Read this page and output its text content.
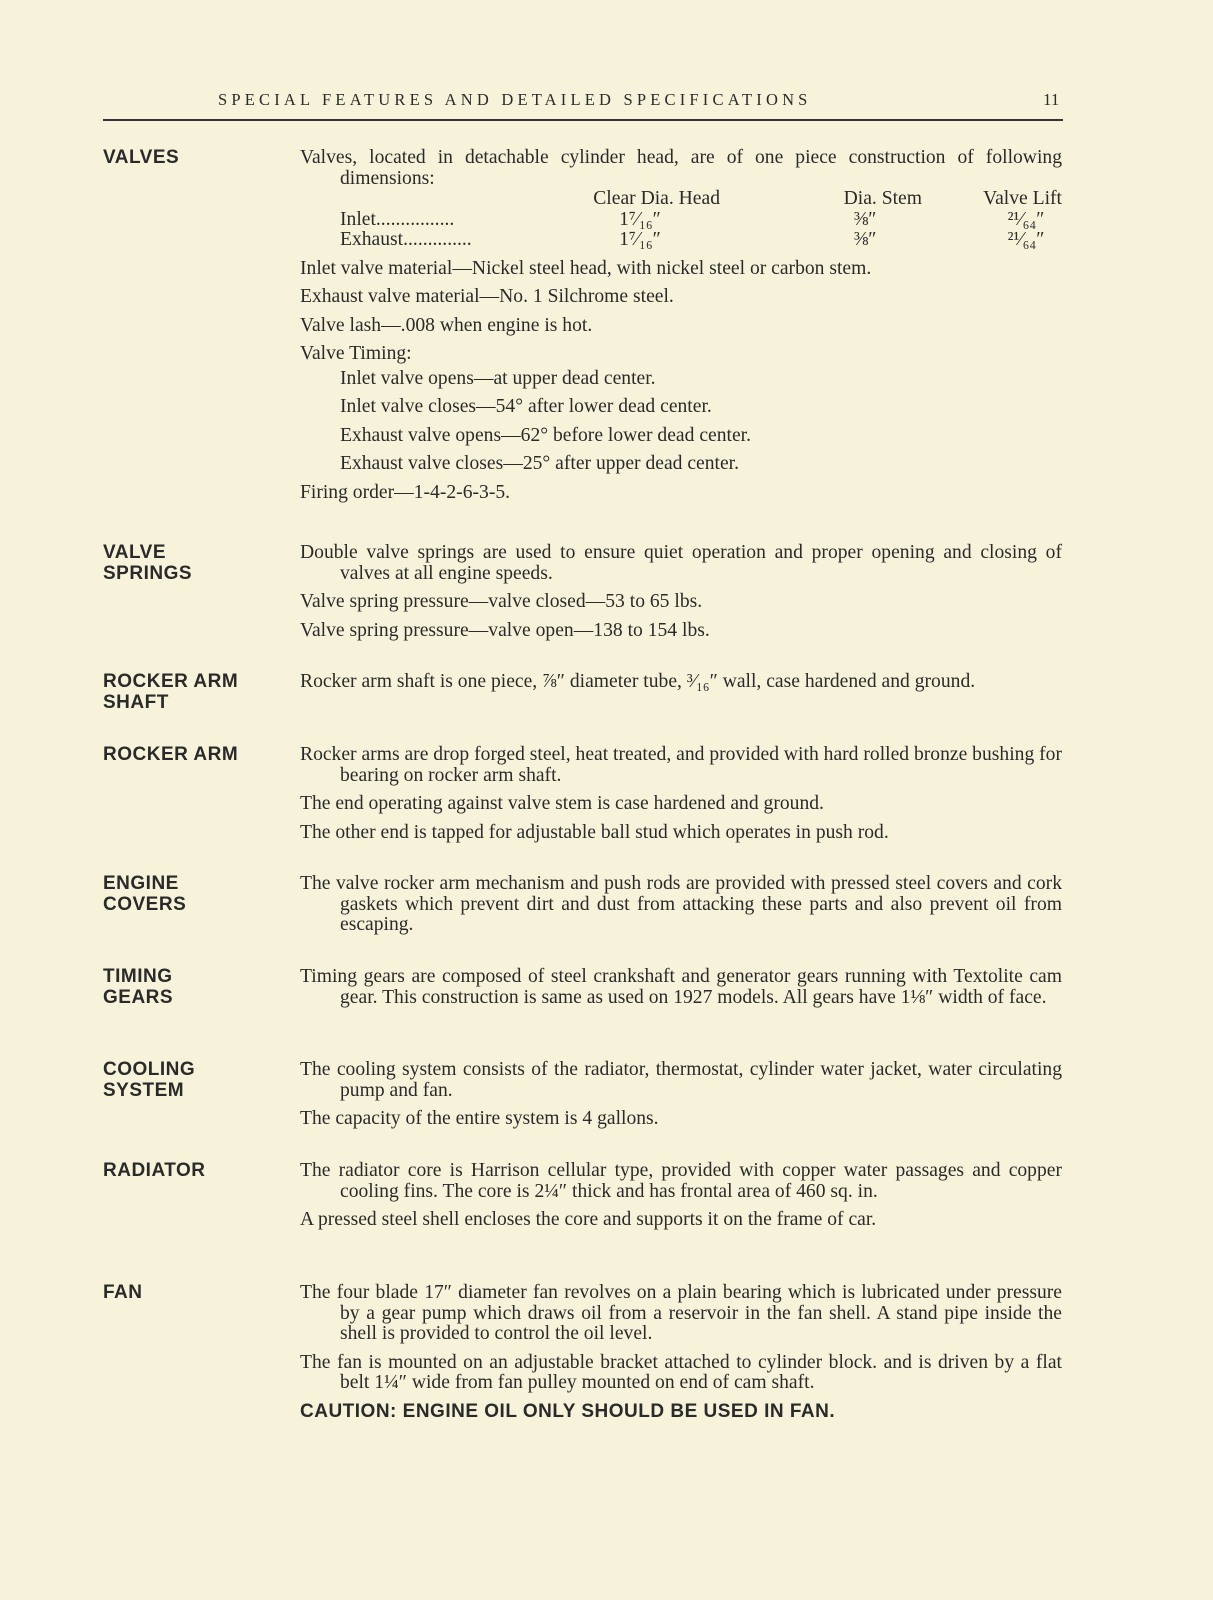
SPECIAL FEATURES AND DETAILED SPECIFICATIONS	11
VALVES	Valves, located in detachable cylinder head, are of one piece construction of following dimensions:
Clear Dia. Head	Dia. Stem	Valve Lift
Inlet................	1⁷⁄₁₆″	⅜″	²¹⁄₆₄″
Exhaust..............	1⁷⁄₁₆″	⅜″	²¹⁄₆₄″
Inlet valve material—Nickel steel head, with nickel steel or carbon stem.
Exhaust valve material—No. 1 Silchrome steel.
Valve lash—.008 when engine is hot.
Valve Timing:
Inlet valve opens—at upper dead center.
Inlet valve closes—54° after lower dead center.
Exhaust valve opens—62° before lower dead center.
Exhaust valve closes—25° after upper dead center.
Firing order—1-4-2-6-3-5.
VALVE
SPRINGS
Double valve springs are used to ensure quiet operation and proper opening and closing of valves at all engine speeds.
Valve spring pressure—valve closed—53 to 65 lbs.
Valve spring pressure—valve open—138 to 154 lbs.
ROCKER ARM
SHAFT
Rocker arm shaft is one piece, ⅞″ diameter tube, ³⁄₁₆″ wall, case hardened and ground.
ROCKER ARM	Rocker arms are drop forged steel, heat treated, and provided with hard rolled bronze bushing for bearing on rocker arm shaft.
The end operating against valve stem is case hardened and ground.
The other end is tapped for adjustable ball stud which operates in push rod.
ENGINE
COVERS
The valve rocker arm mechanism and push rods are provided with pressed steel covers and cork gaskets which prevent dirt and dust from attacking these parts and also prevent oil from escaping.
TIMING
GEARS
Timing gears are composed of steel crankshaft and generator gears running with Textolite cam gear. This construction is same as used on 1927 models. All gears have 1⅛″ width of face.
COOLING
SYSTEM
The cooling system consists of the radiator, thermostat, cylinder water jacket, water circulating pump and fan.
The capacity of the entire system is 4 gallons.
RADIATOR	The radiator core is Harrison cellular type, provided with copper water passages and copper cooling fins. The core is 2¼″ thick and has frontal area of 460 sq. in.
A pressed steel shell encloses the core and supports it on the frame of car.
FAN	The four blade 17″ diameter fan revolves on a plain bearing which is lubricated under pressure by a gear pump which draws oil from a reservoir in the fan shell. A stand pipe inside the shell is provided to control the oil level.
The fan is mounted on an adjustable bracket attached to cylinder block. and is driven by a flat belt 1¼″ wide from fan pulley mounted on end of cam shaft.
CAUTION: ENGINE OIL ONLY SHOULD BE USED IN FAN.
